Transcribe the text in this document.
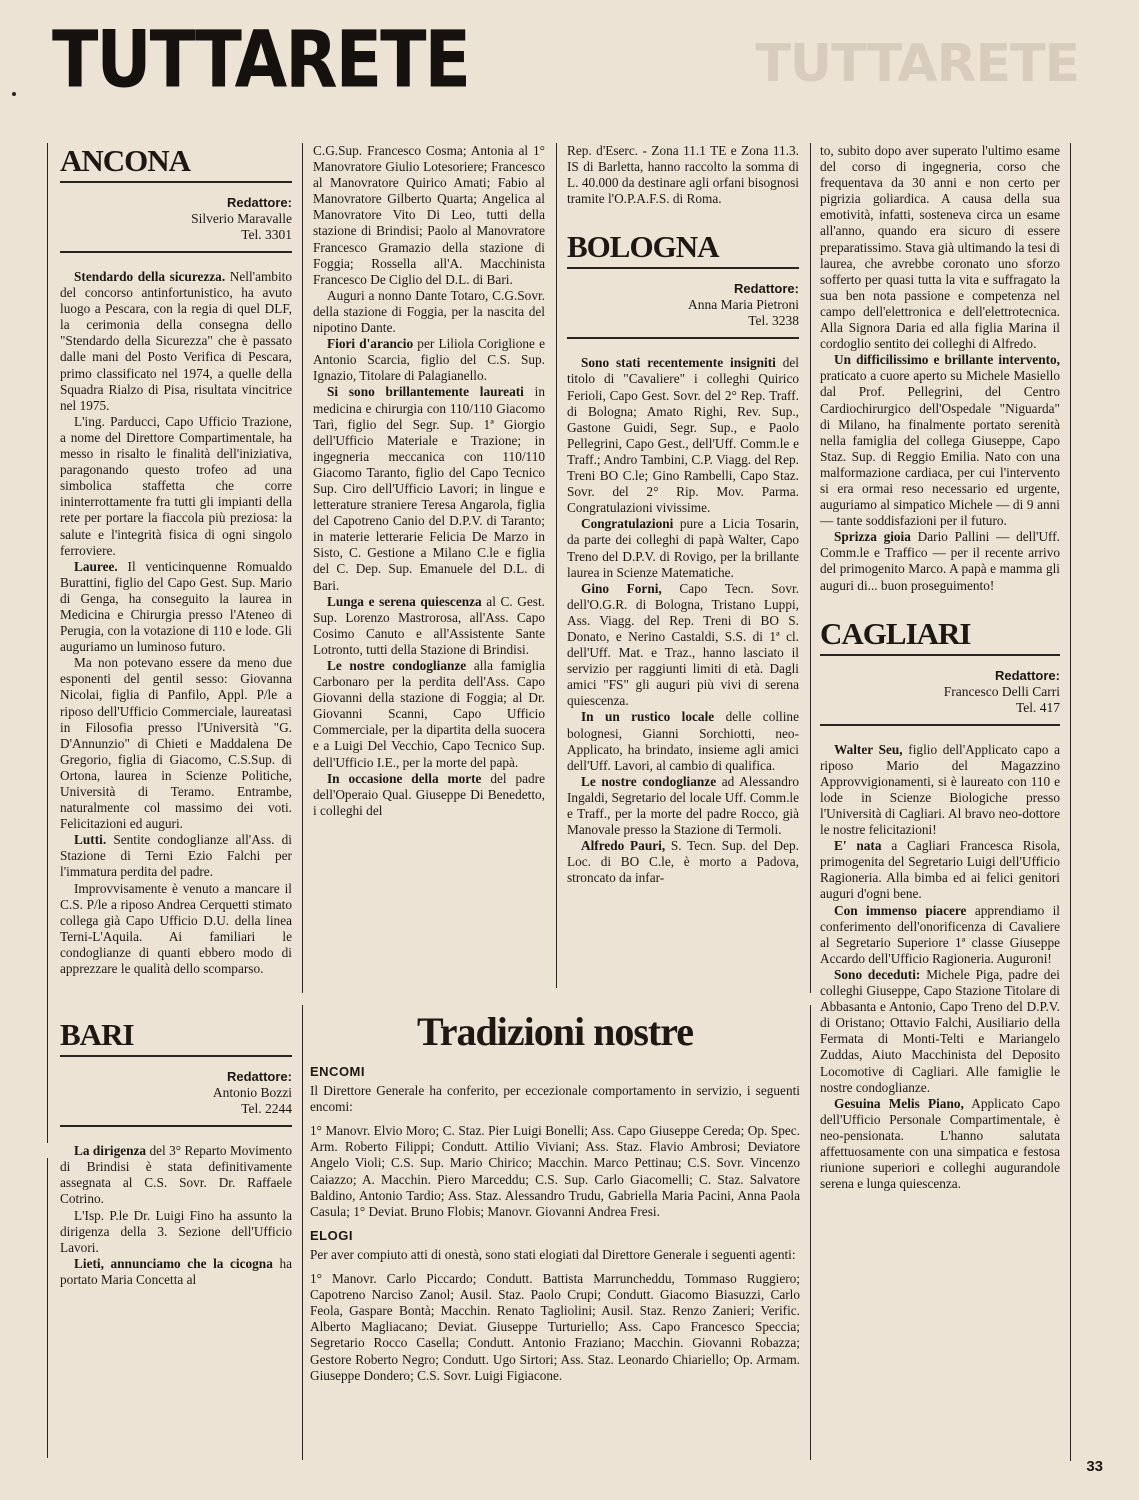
TUTTARETE
TUTTARETE
ANCONA
Redattore:
Silverio Maravalle
Tel. 3301

Stendardo della sicurezza. Nell'ambito del concorso antinfortunistico, ha avuto luogo a Pescara, con la regia di quel DLF, la cerimonia della consegna dello "Stendardo della Sicurezza" che è passato dalle mani del Posto Verifica di Pescara, primo classificato nel 1974, a quelle della Squadra Rialzo di Pisa, risultata vincitrice nel 1975.

L'ing. Parducci, Capo Ufficio Trazione, a nome del Direttore Compartimentale, ha messo in risalto le finalità dell'iniziativa, paragonando questo trofeo ad una simbolica staffetta che corre ininterrottamente fra tutti gli impianti della rete per portare la fiaccola più preziosa: la salute e l'integrità fisica di ogni singolo ferroviere.

Lauree. Il venticinquenne Romualdo Burattini, figlio del Capo Gest. Sup. Mario di Genga, ha conseguito la laurea in Medicina e Chirurgia presso l'Ateneo di Perugia, con la votazione di 110 e lode. Gli auguriamo un luminoso futuro.

Ma non potevano essere da meno due esponenti del gentil sesso: Giovanna Nicolai, figlia di Panfilo, Appl. P/le a riposo dell'Ufficio Commerciale, laureatasi in Filosofia presso l'Università "G. D'Annunzio" di Chieti e Maddalena De Gregorio, figlia di Giacomo, C.S.Sup. di Ortona, laurea in Scienze Politiche, Università di Teramo. Entrambe, naturalmente col massimo dei voti. Felicitazioni ed auguri.

Lutti. Sentite condoglianze all'Ass. di Stazione di Terni Ezio Falchi per l'immatura perdita del padre.

Improvvisamente è venuto a mancare il C.S. P/le a riposo Andrea Cerquetti stimato collega già Capo Ufficio D.U. della linea Terni-L'Aquila. Ai familiari le condoglianze di quanti ebbero modo di apprezzare le qualità dello scomparso.

BARI
Redattore:
Antonio Bozzi
Tel. 2244

La dirigenza del 3° Reparto Movimento di Brindisi è stata definitivamente assegnata al C.S. Sovr. Dr. Raffaele Cotrino.

L'Isp. P.le Dr. Luigi Fino ha assunto la dirigenza della 3. Sezione dell'Ufficio Lavori.

Lieti, annunciamo che la cicogna ha portato Maria Concetta al

C.G.Sup. Francesco Cosma; Antonia al 1° Manovratore Giulio Lotesoriere; Francesco al Manovratore Quirico Amati; Fabio al Manovratore Gilberto Quarta; Angelica al Manovratore Vito Di Leo, tutti della stazione di Brindisi; Paolo al Manovratore Francesco Gramazio della stazione di Foggia; Rossella all'A. Macchinista Francesco De Ciglio del D.L. di Bari.

Auguri a nonno Dante Totaro, C.G.Sovr. della stazione di Foggia, per la nascita del nipotino Dante.

Fiori d'arancio per Liliola Coriglione e Antonio Scarcia, figlio del C.S. Sup. Ignazio, Titolare di Palagianello.

Si sono brillantemente laureati in medicina e chirurgia con 110/110 Giacomo Tarì, figlio del Segr. Sup. 1ª Giorgio dell'Ufficio Materiale e Trazione; in ingegneria meccanica con 110/110 Giacomo Taranto, figlio del Capo Tecnico Sup. Ciro dell'Ufficio Lavori; in lingue e letterature straniere Teresa Angarola, figlia del Capotreno Canio del D.P.V. di Taranto; in materie letterarie Felicia De Marzo in Sisto, C. Gestione a Milano C.le e figlia del C. Dep. Sup. Emanuele del D.L. di Bari.

Lunga e serena quiescenza al C. Gest. Sup. Lorenzo Mastrorosa, all'Ass. Capo Cosimo Canuto e all'Assistente Sante Lotronto, tutti della Stazione di Brindisi.

Le nostre condoglianze alla famiglia Carbonaro per la perdita dell'Ass. Capo Giovanni della stazione di Foggia; al Dr. Giovanni Scanni, Capo Ufficio Commerciale, per la dipartita della suocera e a Luigi Del Vecchio, Capo Tecnico Sup. dell'Ufficio I.E., per la morte del papà.

In occasione della morte del padre dell'Operaio Qual. Giuseppe Di Benedetto, i colleghi del

Rep. d'Eserc. - Zona 11.1 TE e Zona 11.3. IS di Barletta, hanno raccolto la somma di L. 40.000 da destinare agli orfani bisognosi tramite l'O.P.A.F.S. di Roma.

BOLOGNA
Redattore:
Anna Maria Pietroni
Tel. 3238

Sono stati recentemente insigniti del titolo di "Cavaliere" i colleghi Quirico Ferioli, Capo Gest. Sovr. del 2° Rep. Traff. di Bologna; Amato Righi, Rev. Sup., Gastone Guidi, Segr. Sup., e Paolo Pellegrini, Capo Gest., dell'Uff. Comm.le e Traff.; Andro Tambini, C.P. Viagg. del Rep. Treni BO C.le; Gino Rambelli, Capo Staz. Sovr. del 2° Rip. Mov. Parma. Congratulazioni vivissime.

Congratulazioni pure a Licia Tosarin, da parte dei colleghi di papà Walter, Capo Treno del D.P.V. di Rovigo, per la brillante laurea in Scienze Matematiche.

Gino Forni, Capo Tecn. Sovr. dell'O.G.R. di Bologna, Tristano Luppi, Ass. Viagg. del Rep. Treni di BO S. Donato, e Nerino Castaldi, S.S. di 1ª cl. dell'Uff. Mat. e Traz., hanno lasciato il servizio per raggiunti limiti di età. Dagli amici "FS" gli auguri più vivi di serena quiescenza.

In un rustico locale delle colline bolognesi, Gianni Sorchiotti, neo-Applicato, ha brindato, insieme agli amici dell'Uff. Lavori, al cambio di qualifica.

Le nostre condoglianze ad Alessandro Ingaldi, Segretario del locale Uff. Comm.le e Traff., per la morte del padre Rocco, già Manovale presso la Stazione di Termoli.

Alfredo Pauri, S. Tecn. Sup. del Dep. Loc. di BO C.le, è morto a Padova, stroncato da infar-

to, subito dopo aver superato l'ultimo esame del corso di ingegneria, corso che frequentava da 30 anni e non certo per pigrizia goliardica. A causa della sua emotività, infatti, sosteneva circa un esame all'anno, quando era sicuro di essere preparatissimo. Stava già ultimando la tesi di laurea, che avrebbe coronato uno sforzo sofferto per quasi tutta la vita e suffragato la sua ben nota passione e competenza nel campo dell'elettronica e dell'elettrotecnica. Alla Signora Daria ed alla figlia Marina il cordoglio sentito dei colleghi di Alfredo.

Un difficilissimo e brillante intervento, praticato a cuore aperto su Michele Masiello dal Prof. Pellegrini, del Centro Cardiochirurgico dell'Ospedale "Niguarda" di Milano, ha finalmente portato serenità nella famiglia del collega Giuseppe, Capo Staz. Sup. di Reggio Emilia. Nato con una malformazione cardiaca, per cui l'intervento si era ormai reso necessario ed urgente, auguriamo al simpatico Michele — di 9 anni — tante soddisfazioni per il futuro.

Sprizza gioia Dario Pallini — dell'Uff. Comm.le e Traffico — per il recente arrivo del primogenito Marco. A papà e mamma gli auguri di... buon proseguimento!

CAGLIARI
Redattore:
Francesco Delli Carri
Tel. 417

Walter Seu, figlio dell'Applicato capo a riposo Mario del Magazzino Approvvigionamenti, si è laureato con 110 e lode in Scienze Biologiche presso l'Università di Cagliari. Al bravo neo-dottore le nostre felicitazioni!

E' nata a Cagliari Francesca Risola, primogenita del Segretario Luigi dell'Ufficio Ragioneria. Alla bimba ed ai felici genitori auguri d'ogni bene.

Con immenso piacere apprendiamo il conferimento dell'onorificenza di Cavaliere al Segretario Superiore 1ª classe Giuseppe Accardo dell'Ufficio Ragioneria. Auguroni!

Sono deceduti: Michele Piga, padre dei colleghi Giuseppe, Capo Stazione Titolare di Abbasanta e Antonio, Capo Treno del D.P.V. di Oristano; Ottavio Falchi, Ausiliario della Fermata di Monti-Telti e Mariangelo Zuddas, Aiuto Macchinista del Deposito Locomotive di Cagliari. Alle famiglie le nostre condoglianze.

Gesuina Melis Piano, Applicato Capo dell'Ufficio Personale Compartimentale, è neo-pensionata. L'hanno salutata affettuosamente con una simpatica e festosa riunione superiori e colleghi augurandole serena e lunga quiescenza.

Tradizioni nostre
ENCOMI

Il Direttore Generale ha conferito, per eccezionale comportamento in servizio, i seguenti encomi:

1° Manovr. Elvio Moro; C. Staz. Pier Luigi Bonelli; Ass. Capo Giuseppe Cereda; Op. Spec. Arm. Roberto Filippi; Condutt. Attilio Viviani; Ass. Staz. Flavio Ambrosi; Deviatore Angelo Violi; C.S. Sup. Mario Chirico; Macchin. Marco Pettinau; C.S. Sovr. Vincenzo Caiazzo; A. Macchin. Piero Marceddu; C.S. Sup. Carlo Giacomelli; C. Staz. Salvatore Baldino, Antonio Tardio; Ass. Staz. Alessandro Trudu, Gabriella Maria Pacini, Anna Paola Casula; 1° Deviat. Bruno Flobis; Manovr. Giovanni Andrea Fresi.

ELOGI

Per aver compiuto atti di onestà, sono stati elogiati dal Direttore Generale i seguenti agenti:

1° Manovr. Carlo Piccardo; Condutt. Battista Marruncheddu, Tommaso Ruggiero; Capotreno Narciso Zanol; Ausil. Staz. Paolo Crupi; Condutt. Giacomo Biasuzzi, Carlo Feola, Gaspare Bontà; Macchin. Renato Tagliolini; Ausil. Staz. Renzo Zanieri; Verific. Alberto Magliacano; Deviat. Giuseppe Turturiello; Ass. Capo Francesco Speccia; Segretario Rocco Casella; Condutt. Antonio Fraziano; Macchin. Giovanni Robazza; Gestore Roberto Negro; Condutt. Ugo Sirtori; Ass. Staz. Leonardo Chiariello; Op. Armam. Giuseppe Dondero; C.S. Sovr. Luigi Figiacone.

33
